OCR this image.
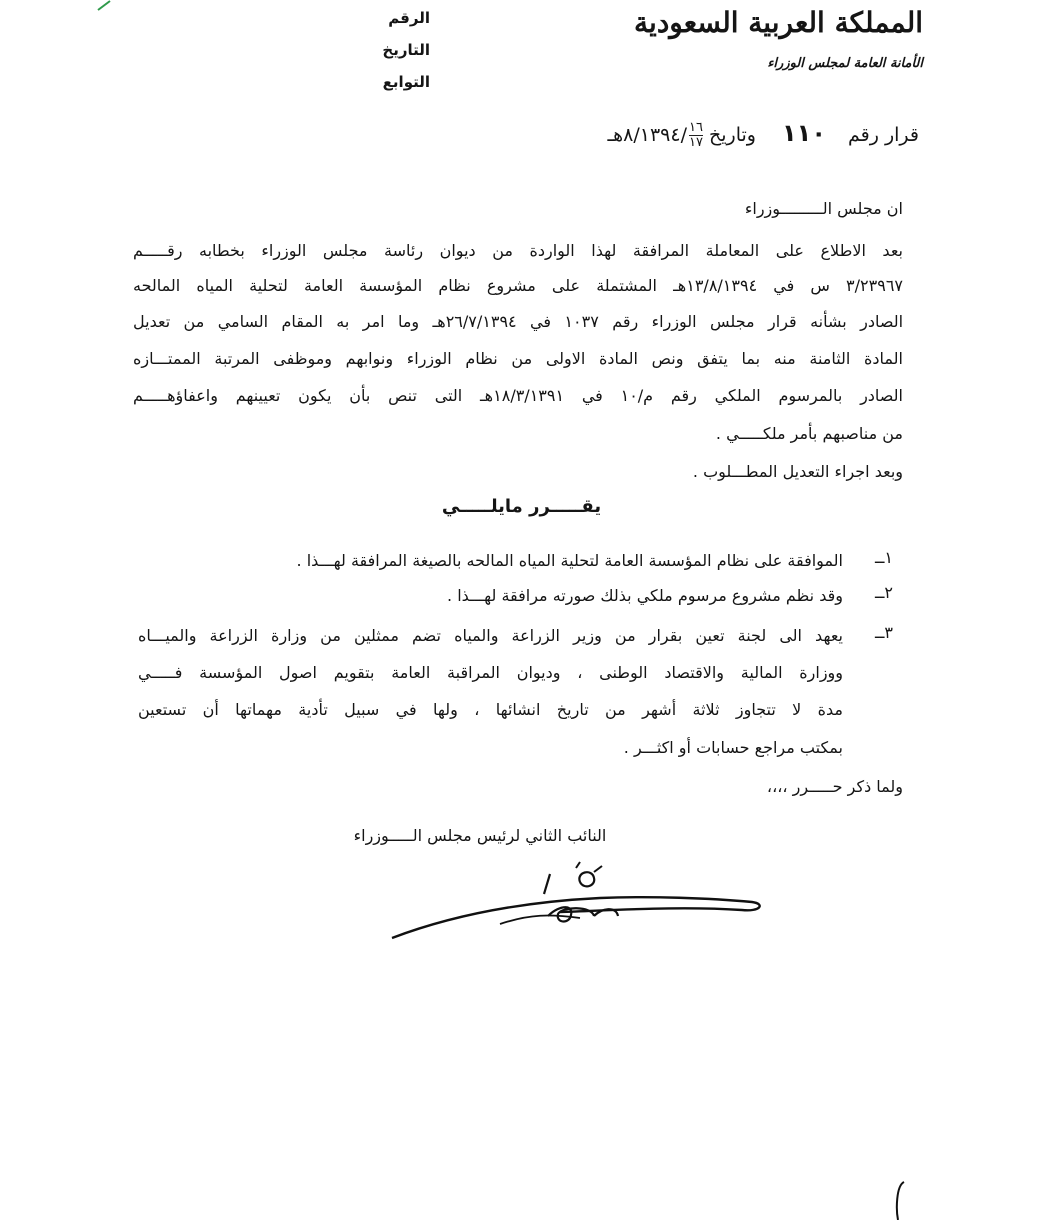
المملكة العربية السعودية
الأمانة العامة لمجلس الوزراء
الرقم
التاريخ
التوابع
قرار رقم ١١٠ وتاريخ
$\frac{١٦}{١٧}$
/٨/١٣٩٤هـ
ان مجلس الـــــــــوزراء
بعد الاطلاع على المعاملة المرافقة لهذا الواردة من ديوان رئاسة مجلس الوزراء بخطابه رقـــــم
٣/٢٣٩٦٧ س في ١٣/٨/١٣٩٤هـ المشتملة على مشروع نظام المؤسسة العامة لتحلية المياه المالحه
الصادر بشأنه قرار مجلس الوزراء رقم ١٠٣٧ في ٢٦/٧/١٣٩٤هـ وما امر به المقام السامي من تعديل
المادة الثامنة منه بما يتفق ونص المادة الاولى من نظام الوزراء ونوابهم وموظفى المرتبة الممتـــازه
الصادر بالمرسوم الملكي رقم م/١٠ في ١٨/٣/١٣٩١هـ التى تنص بأن يكون تعيينهم واعفاؤهـــــم
من مناصبهم بأمر ملكـــــي .
وبعد اجراء التعديل المطـــلوب .
يقـــــرر مايلـــــي
١ــ
الموافقة على نظام المؤسسة العامة لتحلية المياه المالحه بالصيغة المرافقة لهـــذا .
٢ــ
وقد نظم مشروع مرسوم ملكي بذلك صورته مرافقة لهـــذا .
٣ــ
يعهد الى لجنة تعين بقرار من وزير الزراعة والمياه تضم ممثلين من وزارة الزراعة والميـــاه
ووزارة المالية والاقتصاد الوطنى ، وديوان المراقبة العامة بتقويم اصول المؤسسة فـــــي
مدة لا تتجاوز ثلاثة أشهر من تاريخ انشائها ، ولها في سبيل تأدية مهماتها أن تستعين
بمكتب مراجع حسابات أو اكثـــر .
ولما ذكر حـــــرر ،،،،
النائب الثاني لرئيس مجلس الـــــوزراء
